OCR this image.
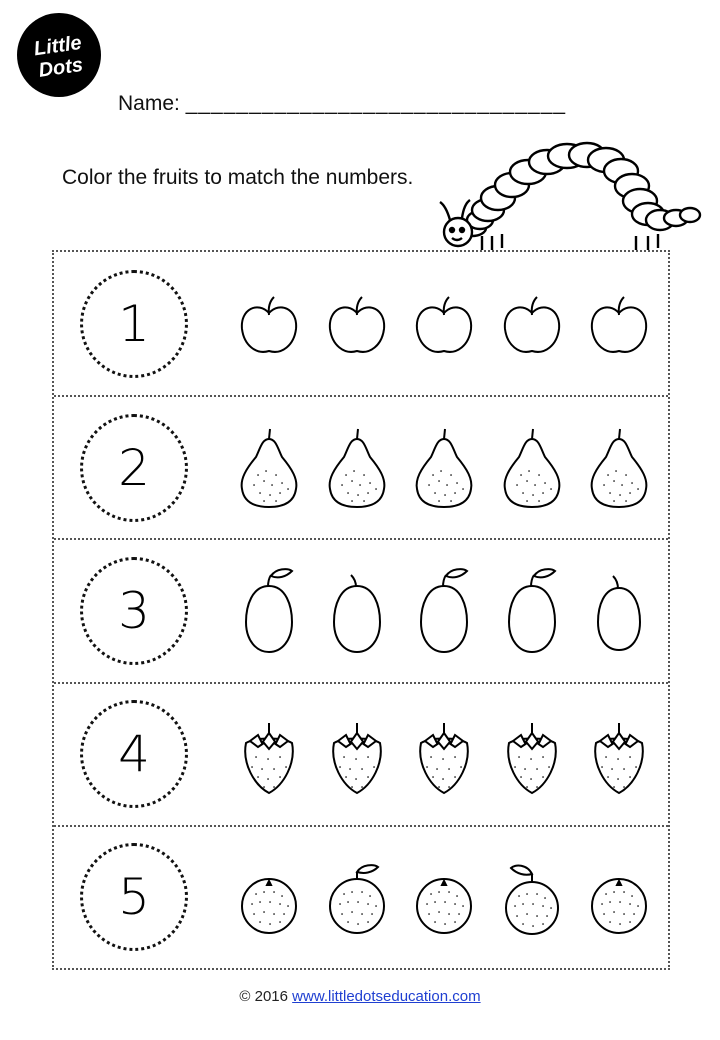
Little
Dots
Name: ______________________________
Color the fruits to match the numbers.
1
2
3
4
5
© 2016 www.littledotseducation.com
